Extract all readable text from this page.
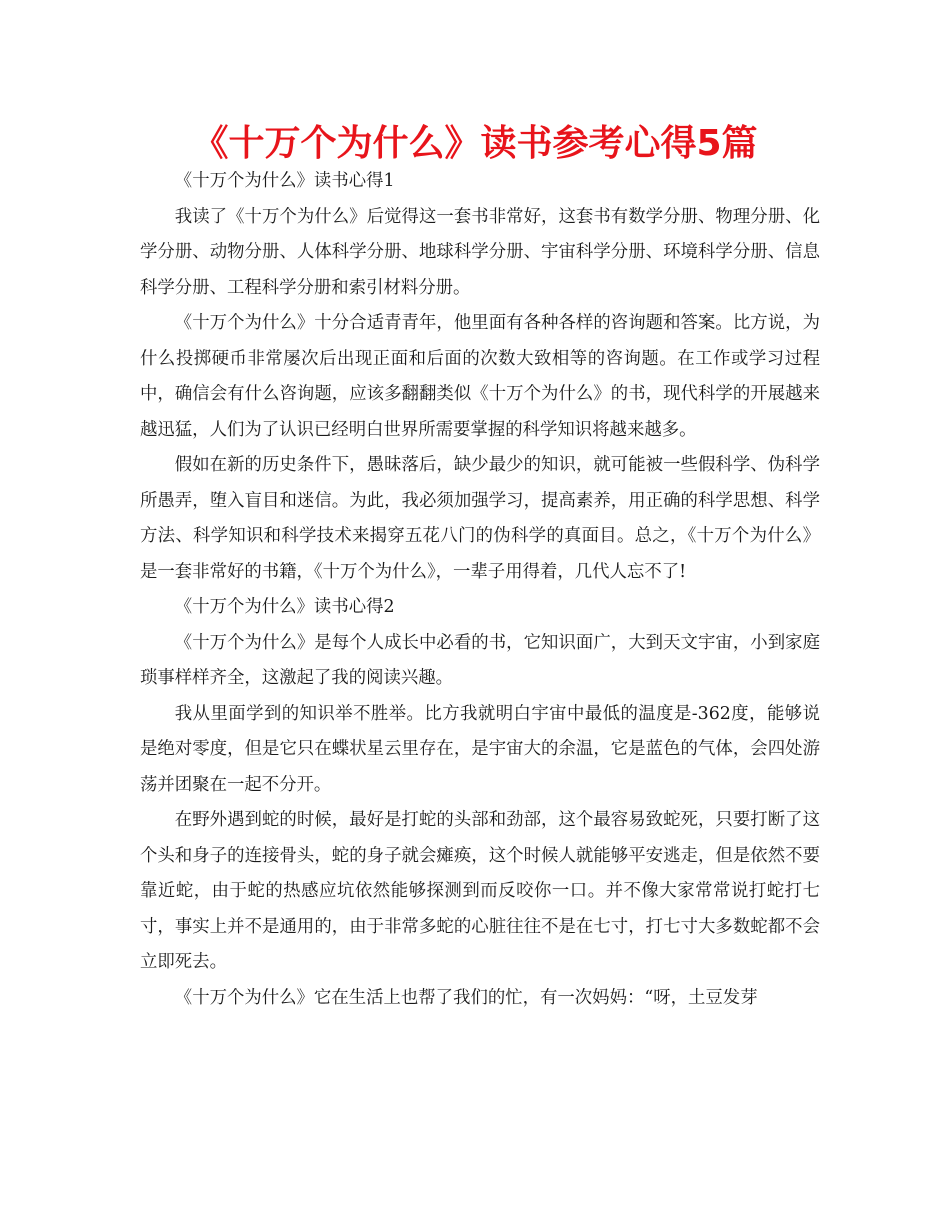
《十万个为什么》读书参考心得5篇

《十万个为什么》读书心得1

我读了《十万个为什么》后觉得这一套书非常好，这套书有数学分册、物理分册、化学分册、动物分册、人体科学分册、地球科学分册、宇宙科学分册、环境科学分册、信息科学分册、工程科学分册和索引材料分册。

《十万个为什么》十分合适青青年，他里面有各种各样的咨询题和答案。比方说，为什么投掷硬币非常屡次后出现正面和后面的次数大致相等的咨询题。在工作或学习过程中，确信会有什么咨询题，应该多翻翻类似《十万个为什么》的书，现代科学的开展越来越迅猛，人们为了认识已经明白世界所需要掌握的科学知识将越来越多。

假如在新的历史条件下，愚昧落后，缺少最少的知识，就可能被一些假科学、伪科学所愚弄，堕入盲目和迷信。为此，我必须加强学习，提高素养，用正确的科学思想、科学方法、科学知识和科学技术来揭穿五花八门的伪科学的真面目。总之，《十万个为什么》是一套非常好的书籍，《十万个为什么》，一辈子用得着，几代人忘不了!

《十万个为什么》读书心得2

《十万个为什么》是每个人成长中必看的书，它知识面广，大到天文宇宙，小到家庭琐事样样齐全，这激起了我的阅读兴趣。

我从里面学到的知识举不胜举。比方我就明白宇宙中最低的温度是-362度，能够说是绝对零度，但是它只在蝶状星云里存在，是宇宙大的余温，它是蓝色的气体，会四处游荡并团聚在一起不分开。

在野外遇到蛇的时候，最好是打蛇的头部和劲部，这个最容易致蛇死，只要打断了这个头和身子的连接骨头，蛇的身子就会瘫痪，这个时候人就能够平安逃走，但是依然不要靠近蛇，由于蛇的热感应坑依然能够探测到而反咬你一口。并不像大家常常说打蛇打七寸，事实上并不是通用的，由于非常多蛇的心脏往往不是在七寸，打七寸大多数蛇都不会立即死去。

《十万个为什么》它在生活上也帮了我们的忙，有一次妈妈：“呀，土豆发芽
